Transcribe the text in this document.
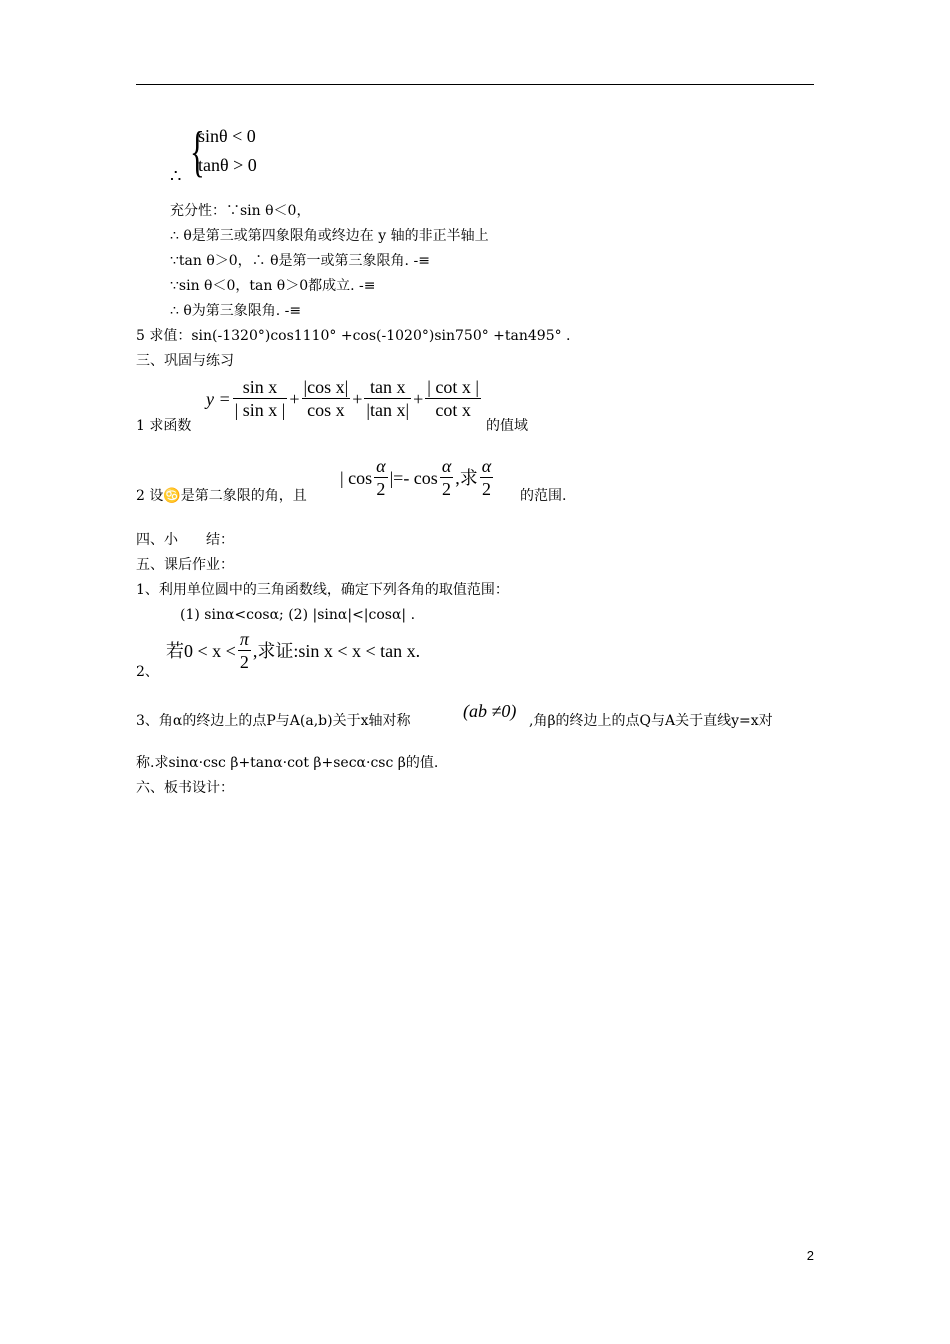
{
sinθ < 0
tanθ > 0
∴
充分性：∵sin θ＜0，
∴ θ是第三或第四象限角或终边在 y 轴的非正半轴上
∵tan θ＞0，∴ θ是第一或第三象限角. -≡
∵sin θ＜0，tan θ＞0都成立. -≡
∴ θ为第三象限角. -≡
5 求值：sin(-1320°)cos1110° +cos(-1020°)sin750° +tan495° .
三、巩固与练习
1 求函数
$y = \frac{\text{sin x}}{\text{| sin x |}} + \frac{\text{|cos x|}}{\text{cos x}} + \frac{\text{tan x}}{\text{|tan x|}} + \frac{\text{| cot x |}}{\text{cot x}}$
的值域
2 设♋是第二象限的角，且
| $\cos \frac{\alpha}{2}$ |=- $\cos \frac{\alpha}{2}$ ,求 $\frac{\alpha}{2}$ 的范围.
四、小　　结：
五、课后作业：
1、利用单位圆中的三角函数线，确定下列各角的取值范围：
(1) sinα<cosα; (2) |sinα|<|cosα| .
2、
若$0 < x < \frac{\pi}{2}$ ,求证:sin x < x < tan x.
3、角α的终边上的点P与A(a,b)关于x轴对称	(ab ≠0) ,角β的终边上的点Q与A关于直线y=x对
称.求sinα·csc β+tanα·cot β+secα·csc β的值.
六、板书设计：
2
